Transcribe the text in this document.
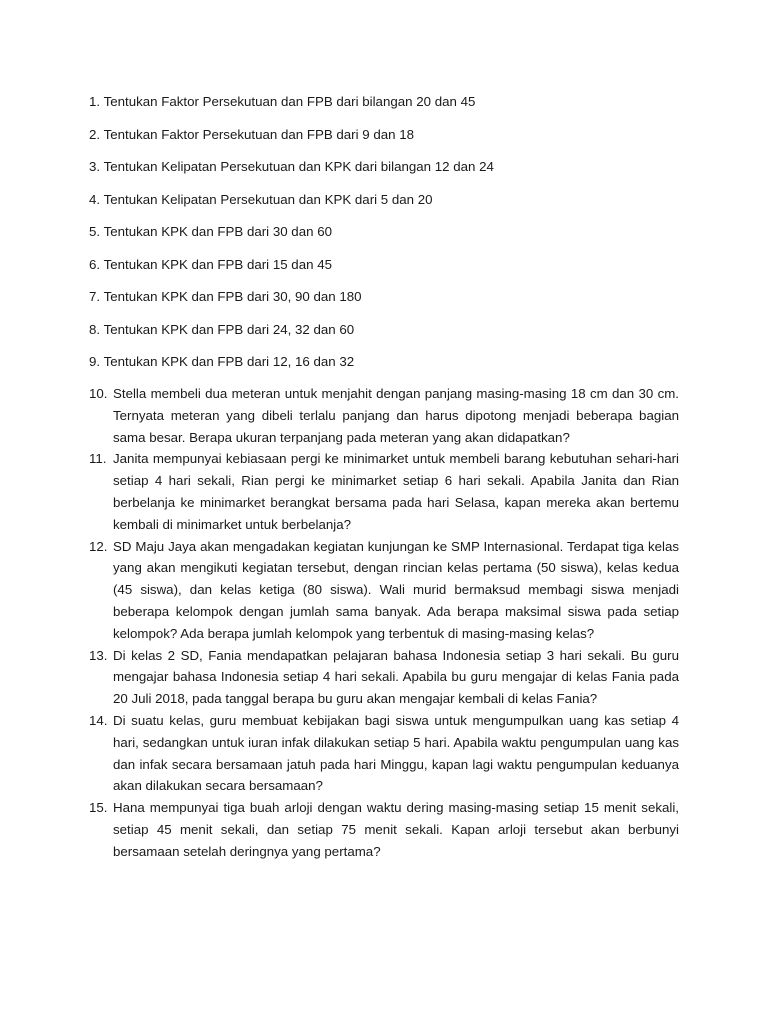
1. Tentukan Faktor Persekutuan dan FPB dari bilangan 20 dan 45
2. Tentukan Faktor Persekutuan dan FPB dari 9 dan 18
3. Tentukan Kelipatan Persekutuan dan KPK dari bilangan 12 dan 24
4. Tentukan Kelipatan Persekutuan dan KPK dari 5 dan 20
5. Tentukan KPK dan FPB dari 30 dan 60
6. Tentukan KPK dan FPB dari 15 dan 45
7. Tentukan KPK dan FPB dari 30, 90 dan 180
8. Tentukan KPK dan FPB dari 24, 32 dan 60
9. Tentukan KPK dan FPB dari 12, 16 dan 32
10. Stella membeli dua meteran untuk menjahit dengan panjang masing-masing 18 cm dan 30 cm. Ternyata meteran yang dibeli terlalu panjang dan harus dipotong menjadi beberapa bagian sama besar. Berapa ukuran terpanjang pada meteran yang akan didapatkan?
11. Janita mempunyai kebiasaan pergi ke minimarket untuk membeli barang kebutuhan sehari-hari setiap 4 hari sekali, Rian pergi ke minimarket setiap 6 hari sekali. Apabila Janita dan Rian berbelanja ke minimarket berangkat bersama pada hari Selasa, kapan mereka akan bertemu kembali di minimarket untuk berbelanja?
12. SD Maju Jaya akan mengadakan kegiatan kunjungan ke SMP Internasional. Terdapat tiga kelas yang akan mengikuti kegiatan tersebut, dengan rincian kelas pertama (50 siswa), kelas kedua (45 siswa), dan kelas ketiga (80 siswa). Wali murid bermaksud membagi siswa menjadi beberapa kelompok dengan jumlah sama banyak. Ada berapa maksimal siswa pada setiap kelompok? Ada berapa jumlah kelompok yang terbentuk di masing-masing kelas?
13. Di kelas 2 SD, Fania mendapatkan pelajaran bahasa Indonesia setiap 3 hari sekali. Bu guru mengajar bahasa Indonesia setiap 4 hari sekali. Apabila bu guru mengajar di kelas Fania pada 20 Juli 2018, pada tanggal berapa bu guru akan mengajar kembali di kelas Fania?
14. Di suatu kelas, guru membuat kebijakan bagi siswa untuk mengumpulkan uang kas setiap 4 hari, sedangkan untuk iuran infak dilakukan setiap 5 hari. Apabila waktu pengumpulan uang kas dan infak secara bersamaan jatuh pada hari Minggu, kapan lagi waktu pengumpulan keduanya akan dilakukan secara bersamaan?
15. Hana mempunyai tiga buah arloji dengan waktu dering masing-masing setiap 15 menit sekali, setiap 45 menit sekali, dan setiap 75 menit sekali. Kapan arloji tersebut akan berbunyi bersamaan setelah deringnya yang pertama?
